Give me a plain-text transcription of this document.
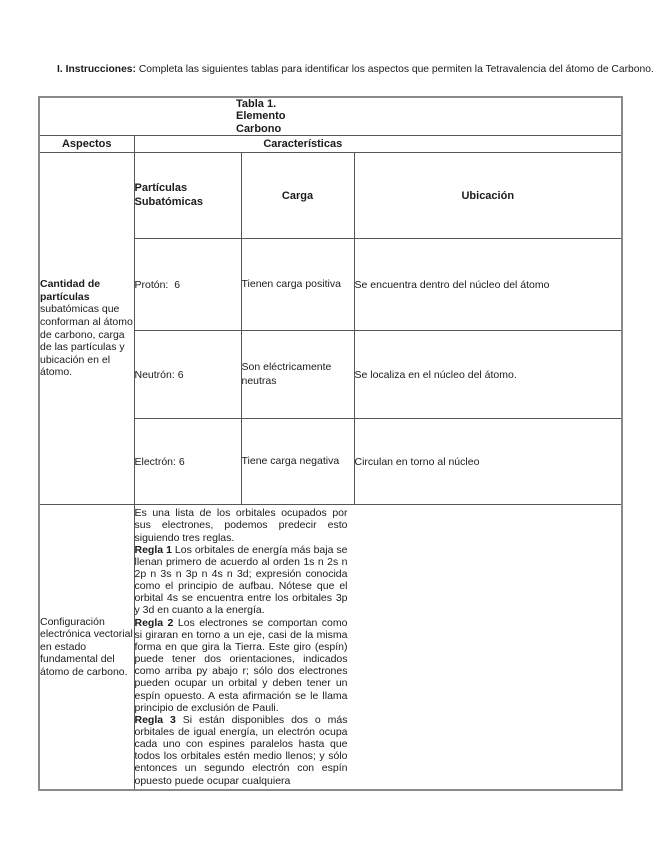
I. Instrucciones: Completa las siguientes tablas para identificar los aspectos que permiten la Tetravalencia del átomo de Carbono.

Tabla 1.
Elemento
Carbono			

Aspectos	Características		
Cantidad de partículas subatómicas que conforman al átomo de carbono, carga de las partículas y ubicación en el átomo.	Partículas Subatómicas	Carga	Ubicación
	Protón:  6	Tienen carga positiva	Se encuentra dentro del núcleo del átomo
	Neutrón: 6	Son eléctricamente neutras	Se localiza en el núcleo del átomo.
	Electrón: 6	Tiene carga negativa	Circulan en torno al núcleo
Configuración electrónica vectorial en estado fundamental del átomo de carbono.	Es una lista de los orbitales ocupados por sus electrones, podemos predecir esto siguiendo tres reglas.

Regla 1 Los orbitales de energía más baja se llenan primero de acuerdo al orden 1s n 2s n 2p n 3s n 3p n 4s n 3d; expresión conocida como el principio de aufbau. Nótese que el orbital 4s se encuentra entre los orbitales 3p y 3d en cuanto a la energía.

Regla 2 Los electrones se comportan como si giraran en torno a un eje, casi de la misma forma en que gira la Tierra. Este giro (espín) puede tener dos orientaciones, indicados como arriba py abajo r; sólo dos electrones pueden ocupar un orbital y deben tener un espín opuesto. A esta afirmación se le llama principio de exclusión de Pauli.

Regla 3 Si están disponibles dos o más orbitales de igual energía, un electrón ocupa cada uno con espines paralelos hasta que todos los orbitales estén medio llenos; y sólo entonces un segundo electrón con espín opuesto puede ocupar cualquiera		
